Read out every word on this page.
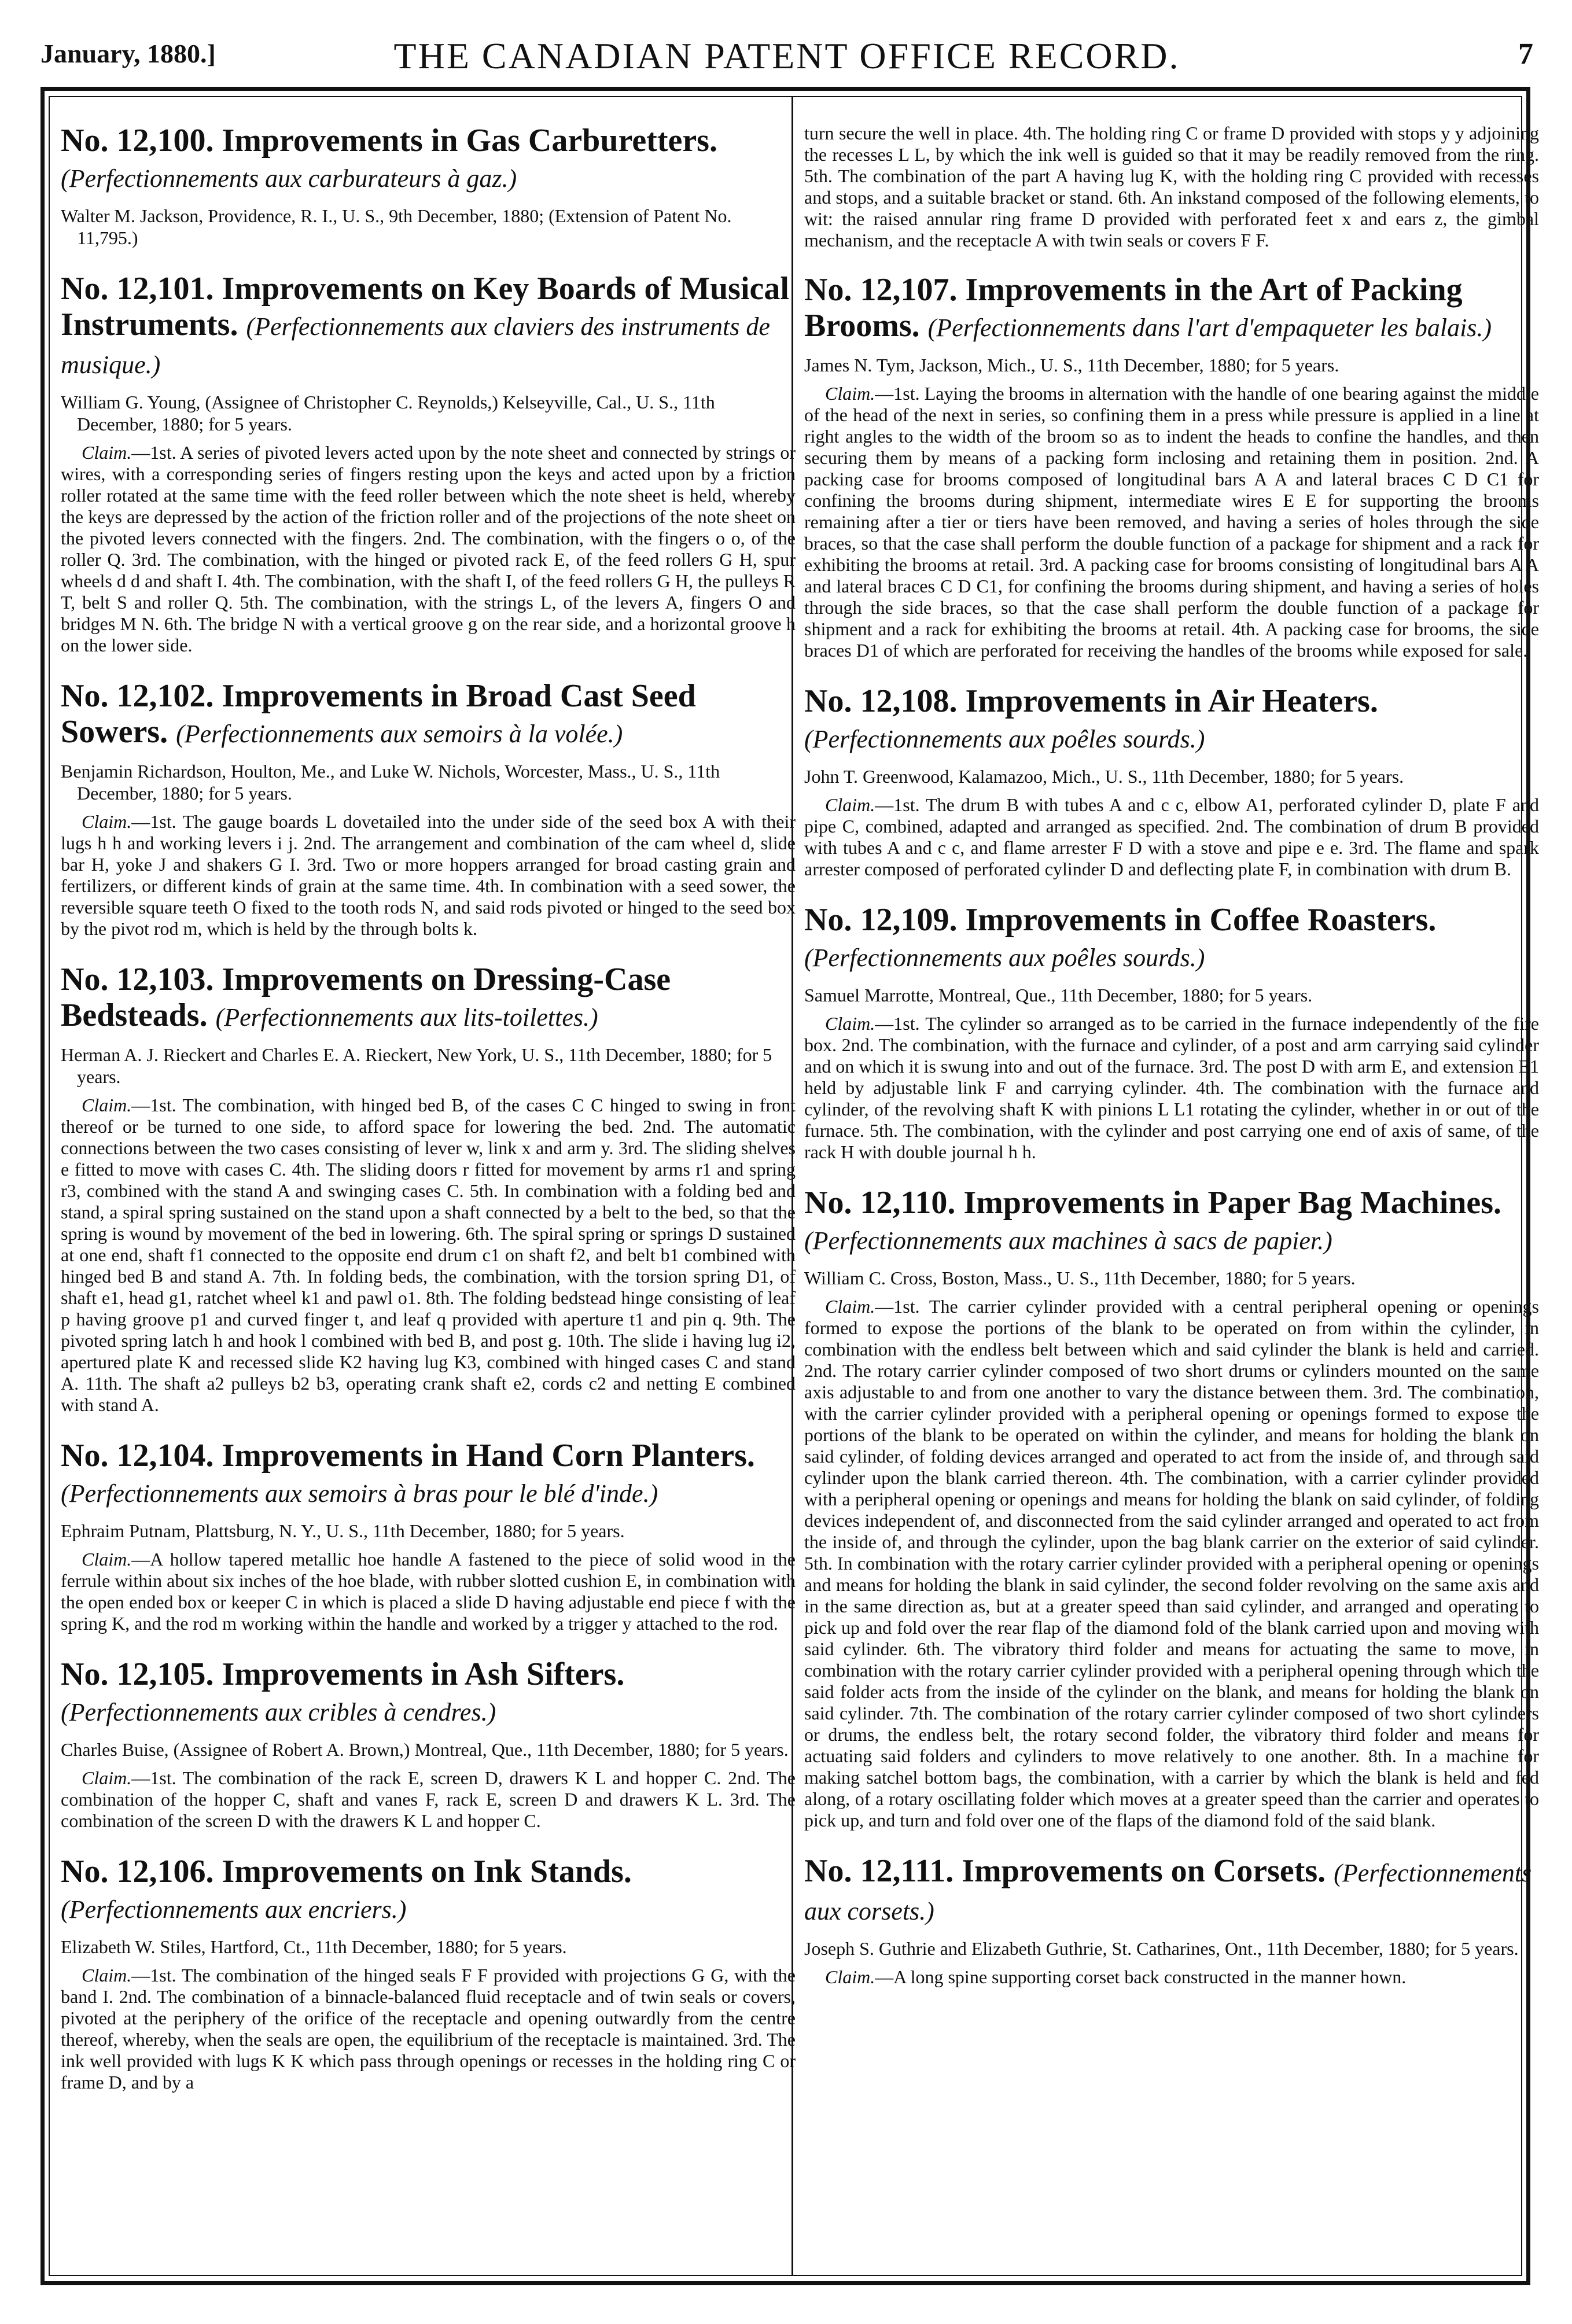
January, 1880.]	THE CANADIAN PATENT OFFICE RECORD.	7
No. 12,100. Improvements in Gas Carburetters. (Perfectionnements aux carburateurs à gaz.)

Walter M. Jackson, Providence, R. I., U. S., 9th December, 1880; (Extension of Patent No. 11,795.)

No. 12,101. Improvements on Key Boards of Musical Instruments. (Perfectionnements aux claviers des instruments de musique.)

William G. Young, (Assignee of Christopher C. Reynolds,) Kelseyville, Cal., U. S., 11th December, 1880; for 5 years.

Claim.—1st. A series of pivoted levers acted upon by the note sheet and connected by strings or wires, with a corresponding series of fingers resting upon the keys and acted upon by a friction roller rotated at the same time with the feed roller between which the note sheet is held, whereby the keys are depressed by the action of the friction roller and of the projections of the note sheet on the pivoted levers connected with the fingers. 2nd. The combination, with the fingers o o, of the roller Q. 3rd. The combination, with the hinged or pivoted rack E, of the feed rollers G H, spur wheels d d and shaft I. 4th. The combination, with the shaft I, of the feed rollers G H, the pulleys R T, belt S and roller Q. 5th. The combination, with the strings L, of the levers A, fingers O and bridges M N. 6th. The bridge N with a vertical groove g on the rear side, and a horizontal groove h on the lower side.

No. 12,102. Improvements in Broad Cast Seed Sowers. (Perfectionnements aux semoirs à la volée.)

Benjamin Richardson, Houlton, Me., and Luke W. Nichols, Worcester, Mass., U. S., 11th December, 1880; for 5 years.

Claim.—1st. The gauge boards L dovetailed into the under side of the seed box A with their lugs h h and working levers i j. 2nd. The arrangement and combination of the cam wheel d, slide bar H, yoke J and shakers G I. 3rd. Two or more hoppers arranged for broad casting grain and fertilizers, or different kinds of grain at the same time. 4th. In combination with a seed sower, the reversible square teeth O fixed to the tooth rods N, and said rods pivoted or hinged to the seed box by the pivot rod m, which is held by the through bolts k.

No. 12,103. Improvements on Dressing-Case Bedsteads. (Perfectionnements aux lits-toilettes.)

Herman A. J. Rieckert and Charles E. A. Rieckert, New York, U. S., 11th December, 1880; for 5 years.

Claim.—1st. The combination, with hinged bed B, of the cases C C hinged to swing in front thereof or be turned to one side, to afford space for lowering the bed. 2nd. The automatic connections between the two cases consisting of lever w, link x and arm y. 3rd. The sliding shelves e fitted to move with cases C. 4th. The sliding doors r fitted for movement by arms r1 and spring r3, combined with the stand A and swinging cases C. 5th. In combination with a folding bed and stand, a spiral spring sustained on the stand upon a shaft connected by a belt to the bed, so that the spring is wound by movement of the bed in lowering. 6th. The spiral spring or springs D sustained at one end, shaft f1 connected to the opposite end drum c1 on shaft f2, and belt b1 combined with hinged bed B and stand A. 7th. In folding beds, the combination, with the torsion spring D1, of shaft e1, head g1, ratchet wheel k1 and pawl o1. 8th. The folding bedstead hinge consisting of leaf p having groove p1 and curved finger t, and leaf q provided with aperture t1 and pin q. 9th. The pivoted spring latch h and hook l combined with bed B, and post g. 10th. The slide i having lug i2, apertured plate K and recessed slide K2 having lug K3, combined with hinged cases C and stand A. 11th. The shaft a2 pulleys b2 b3, operating crank shaft e2, cords c2 and netting E combined with stand A.

No. 12,104. Improvements in Hand Corn Planters. (Perfectionnements aux semoirs à bras pour le blé d'inde.)

Ephraim Putnam, Plattsburg, N. Y., U. S., 11th December, 1880; for 5 years.

Claim.—A hollow tapered metallic hoe handle A fastened to the piece of solid wood in the ferrule within about six inches of the hoe blade, with rubber slotted cushion E, in combination with the open ended box or keeper C in which is placed a slide D having adjustable end piece f with the spring K, and the rod m working within the handle and worked by a trigger y attached to the rod.

No. 12,105. Improvements in Ash Sifters. (Perfectionnements aux cribles à cendres.)

Charles Buise, (Assignee of Robert A. Brown,) Montreal, Que., 11th December, 1880; for 5 years.

Claim.—1st. The combination of the rack E, screen D, drawers K L and hopper C. 2nd. The combination of the hopper C, shaft and vanes F, rack E, screen D and drawers K L. 3rd. The combination of the screen D with the drawers K L and hopper C.

No. 12,106. Improvements on Ink Stands. (Perfectionnements aux encriers.)

Elizabeth W. Stiles, Hartford, Ct., 11th December, 1880; for 5 years.

Claim.—1st. The combination of the hinged seals F F provided with projections G G, with the band I. 2nd. The combination of a binnacle-balanced fluid receptacle and of twin seals or covers, pivoted at the periphery of the orifice of the receptacle and opening outwardly from the centre thereof, whereby, when the seals are open, the equilibrium of the receptacle is maintained. 3rd. The ink well provided with lugs K K which pass through openings or recesses in the holding ring C or frame D, and by a

turn secure the well in place. 4th. The holding ring C or frame D provided with stops y y adjoining the recesses L L, by which the ink well is guided so that it may be readily removed from the ring. 5th. The combination of the part A having lug K, with the holding ring C provided with recesses and stops, and a suitable bracket or stand. 6th. An inkstand composed of the following elements, to wit: the raised annular ring frame D provided with perforated feet x and ears z, the gimbal mechanism, and the receptacle A with twin seals or covers F F.

No. 12,107. Improvements in the Art of Packing Brooms. (Perfectionnements dans l'art d'empaqueter les balais.)

James N. Tym, Jackson, Mich., U. S., 11th December, 1880; for 5 years.

Claim.—1st. Laying the brooms in alternation with the handle of one bearing against the middle of the head of the next in series, so confining them in a press while pressure is applied in a line at right angles to the width of the broom so as to indent the heads to confine the handles, and then securing them by means of a packing form inclosing and retaining them in position. 2nd. A packing case for brooms composed of longitudinal bars A A and lateral braces C D C1 for confining the brooms during shipment, intermediate wires E E for supporting the brooms remaining after a tier or tiers have been removed, and having a series of holes through the side braces, so that the case shall perform the double function of a package for shipment and a rack for exhibiting the brooms at retail. 3rd. A packing case for brooms consisting of longitudinal bars A A and lateral braces C D C1, for confining the brooms during shipment, and having a series of holes through the side braces, so that the case shall perform the double function of a package for shipment and a rack for exhibiting the brooms at retail. 4th. A packing case for brooms, the side braces D1 of which are perforated for receiving the handles of the brooms while exposed for sale.

No. 12,108. Improvements in Air Heaters. (Perfectionnements aux poêles sourds.)

John T. Greenwood, Kalamazoo, Mich., U. S., 11th December, 1880; for 5 years.

Claim.—1st. The drum B with tubes A and c c, elbow A1, perforated cylinder D, plate F and pipe C, combined, adapted and arranged as specified. 2nd. The combination of drum B provided with tubes A and c c, and flame arrester F D with a stove and pipe e e. 3rd. The flame and spark arrester composed of perforated cylinder D and deflecting plate F, in combination with drum B.

No. 12,109. Improvements in Coffee Roasters. (Perfectionnements aux poêles sourds.)

Samuel Marrotte, Montreal, Que., 11th December, 1880; for 5 years.

Claim.—1st. The cylinder so arranged as to be carried in the furnace independently of the fire box. 2nd. The combination, with the furnace and cylinder, of a post and arm carrying said cylinder and on which it is swung into and out of the furnace. 3rd. The post D with arm E, and extension E1 held by adjustable link F and carrying cylinder. 4th. The combination with the furnace and cylinder, of the revolving shaft K with pinions L L1 rotating the cylinder, whether in or out of the furnace. 5th. The combination, with the cylinder and post carrying one end of axis of same, of the rack H with double journal h h.

No. 12,110. Improvements in Paper Bag Machines. (Perfectionnements aux machines à sacs de papier.)

William C. Cross, Boston, Mass., U. S., 11th December, 1880; for 5 years.

Claim.—1st. The carrier cylinder provided with a central peripheral opening or openings formed to expose the portions of the blank to be operated on from within the cylinder, in combination with the endless belt between which and said cylinder the blank is held and carried. 2nd. The rotary carrier cylinder composed of two short drums or cylinders mounted on the same axis adjustable to and from one another to vary the distance between them. 3rd. The combination, with the carrier cylinder provided with a peripheral opening or openings formed to expose the portions of the blank to be operated on within the cylinder, and means for holding the blank on said cylinder, of folding devices arranged and operated to act from the inside of, and through said cylinder upon the blank carried thereon. 4th. The combination, with a carrier cylinder provided with a peripheral opening or openings and means for holding the blank on said cylinder, of folding devices independent of, and disconnected from the said cylinder arranged and operated to act from the inside of, and through the cylinder, upon the bag blank carrier on the exterior of said cylinder. 5th. In combination with the rotary carrier cylinder provided with a peripheral opening or openings and means for holding the blank in said cylinder, the second folder revolving on the same axis and in the same direction as, but at a greater speed than said cylinder, and arranged and operating to pick up and fold over the rear flap of the diamond fold of the blank carried upon and moving with said cylinder. 6th. The vibratory third folder and means for actuating the same to move, in combination with the rotary carrier cylinder provided with a peripheral opening through which the said folder acts from the inside of the cylinder on the blank, and means for holding the blank on said cylinder. 7th. The combination of the rotary carrier cylinder composed of two short cylinders or drums, the endless belt, the rotary second folder, the vibratory third folder and means for actuating said folders and cylinders to move relatively to one another. 8th. In a machine for making satchel bottom bags, the combination, with a carrier by which the blank is held and fed along, of a rotary oscillating folder which moves at a greater speed than the carrier and operates to pick up, and turn and fold over one of the flaps of the diamond fold of the said blank.

No. 12,111. Improvements on Corsets. (Perfectionnements aux corsets.)

Joseph S. Guthrie and Elizabeth Guthrie, St. Catharines, Ont., 11th December, 1880; for 5 years.

Claim.—A long spine supporting corset back constructed in the manner hown.
